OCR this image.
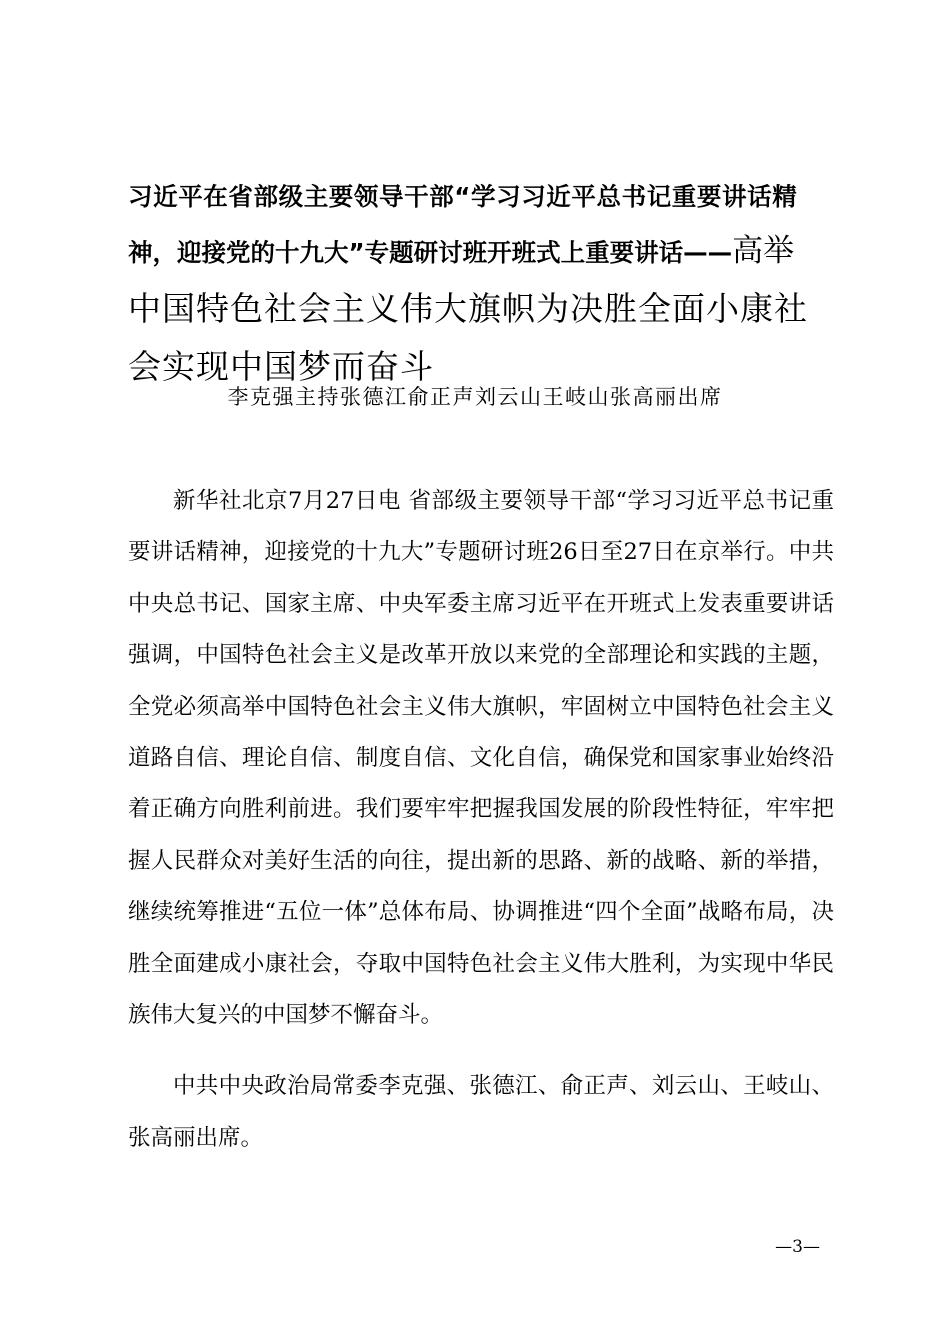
习近平在省部级主要领导干部“学习习近平总书记重要讲话精
神，迎接党的十九大”专题研讨班开班式上重要讲话——高举
中国特色社会主义伟大旗帜为决胜全面小康社
会实现中国梦而奋斗

李克强主持张德江俞正声刘云山王岐山张高丽出席

新华社北京7月27日电 省部级主要领导干部“学习习近平总书记重要讲话精神，迎接党的十九大”专题研讨班26日至27日在京举行。中共中央总书记、国家主席、中央军委主席习近平在开班式上发表重要讲话强调，中国特色社会主义是改革开放以来党的全部理论和实践的主题，全党必须高举中国特色社会主义伟大旗帜，牢固树立中国特色社会主义道路自信、理论自信、制度自信、文化自信，确保党和国家事业始终沿着正确方向胜利前进。我们要牢牢把握我国发展的阶段性特征，牢牢把握人民群众对美好生活的向往，提出新的思路、新的战略、新的举措，继续统筹推进“五位一体”总体布局、协调推进“四个全面”战略布局，决胜全面建成小康社会，夺取中国特色社会主义伟大胜利，为实现中华民族伟大复兴的中国梦不懈奋斗。

中共中央政治局常委李克强、张德江、俞正声、刘云山、王岐山、张高丽出席。

—3—
